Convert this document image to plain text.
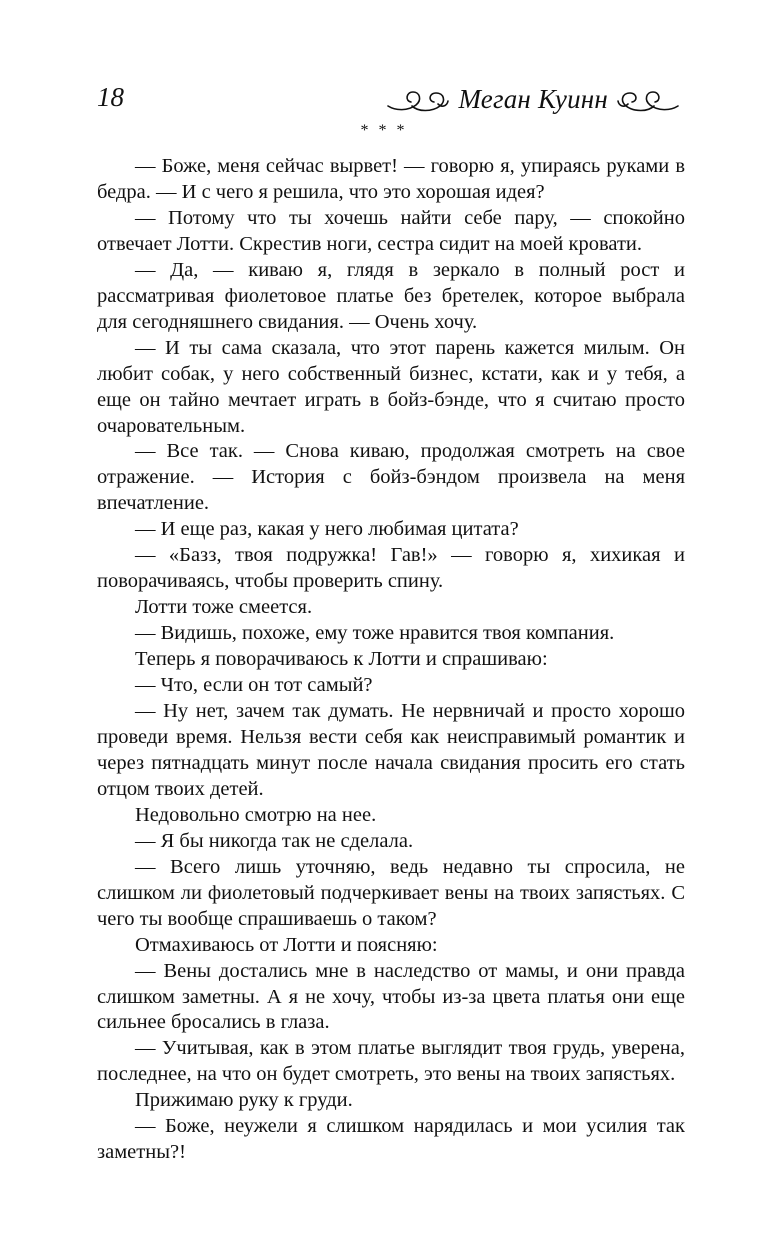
18	Меган Куинн
* * *

— Боже, меня сейчас вырвет! — говорю я, упираясь руками в бедра. — И с чего я решила, что это хорошая идея?

— Потому что ты хочешь найти себе пару, — спокойно отвечает Лотти. Скрестив ноги, сестра сидит на моей кровати.

— Да, — киваю я, глядя в зеркало в полный рост и рассматривая фиолетовое платье без бретелек, которое выбрала для сегодняшнего свидания. — Очень хочу.

— И ты сама сказала, что этот парень кажется милым. Он любит собак, у него собственный бизнес, кстати, как и у тебя, а еще он тайно мечтает играть в бойз-бэнде, что я считаю просто очаровательным.

— Все так. — Снова киваю, продолжая смотреть на свое отражение. — История с бойз-бэндом произвела на меня впечатление.

— И еще раз, какая у него любимая цитата?

— «Базз, твоя подружка! Гав!» — говорю я, хихикая и поворачиваясь, чтобы проверить спину.

Лотти тоже смеется.

— Видишь, похоже, ему тоже нравится твоя компания.

Теперь я поворачиваюсь к Лотти и спрашиваю:

— Что, если он тот самый?

— Ну нет, зачем так думать. Не нервничай и просто хорошо проведи время. Нельзя вести себя как неисправимый романтик и через пятнадцать минут после начала свидания просить его стать отцом твоих детей.

Недовольно смотрю на нее.

— Я бы никогда так не сделала.

— Всего лишь уточняю, ведь недавно ты спросила, не слишком ли фиолетовый подчеркивает вены на твоих запястьях. С чего ты вообще спрашиваешь о таком?

Отмахиваюсь от Лотти и поясняю:

— Вены достались мне в наследство от мамы, и они правда слишком заметны. А я не хочу, чтобы из-за цвета платья они еще сильнее бросались в глаза.

— Учитывая, как в этом платье выглядит твоя грудь, уверена, последнее, на что он будет смотреть, это вены на твоих запястьях.

Прижимаю руку к груди.

— Боже, неужели я слишком нарядилась и мои усилия так заметны?!
